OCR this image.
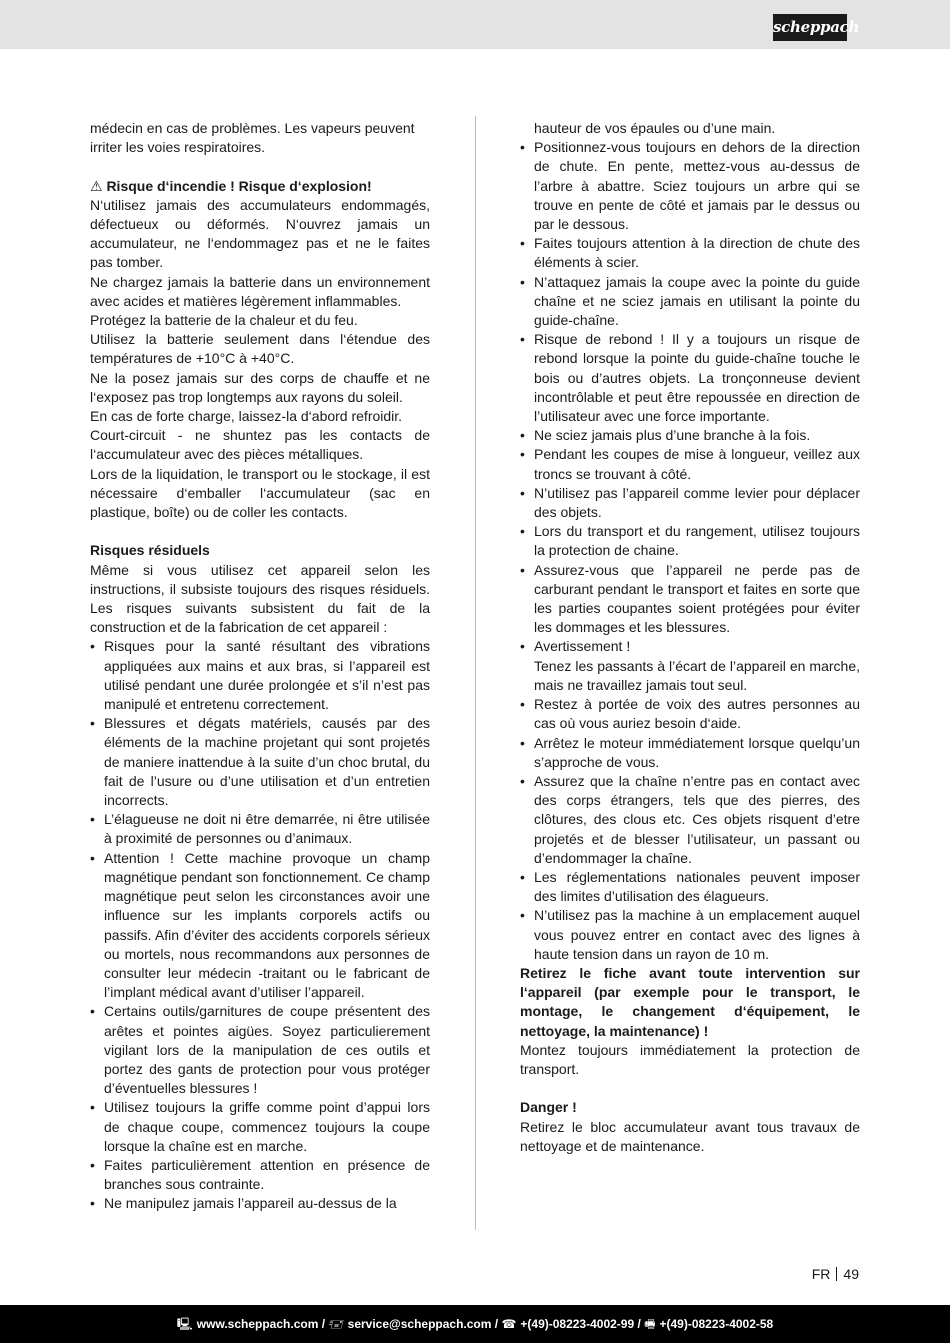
scheppach

médecin en cas de problèmes. Les vapeurs peuvent

irriter les voies respiratoires.

⚠ Risque d‘incendie ! Risque d‘explosion!

N‘utilisez jamais des accumulateurs endommagés, défectueux ou déformés. N‘ouvrez jamais un accumulateur, ne l‘endommagez pas et ne le faites pas tomber.

Ne chargez jamais la batterie dans un environnement avec acides et matières légèrement inflammables.

Protégez la batterie de la chaleur et du feu.

Utilisez la batterie seulement dans l‘étendue des températures de +10°C à +40°C.

Ne la posez jamais sur des corps de chauffe et ne l‘exposez pas trop longtemps aux rayons du soleil.

En cas de forte charge, laissez-la d‘abord refroidir.

Court-circuit - ne shuntez pas les contacts de l‘accumulateur avec des pièces métalliques.

Lors de la liquidation, le transport ou le stockage, il est nécessaire d‘emballer l‘accumulateur (sac en plastique, boîte) ou de coller les contacts.

Risques résiduels

Même si vous utilisez cet appareil selon les instructions, il subsiste toujours des risques résiduels. Les risques suivants subsistent du fait de la construction et de la fabrication de cet appareil :

• Risques pour la santé résultant des vibrations appliquées aux mains et aux bras, si l’appareil est utilisé pendant une durée prolongée et s’il n’est pas manipulé et entretenu correctement.
• Blessures et dégats matériels, causés par des éléments de la machine projetant qui sont projetés de maniere inattendue à la suite d’un choc brutal, du fait de l’usure ou d’une utilisation et d’un entretien incorrects.
• L’élagueuse ne doit ni être demarrée, ni être utilisée à proximité de personnes ou d’animaux.
• Attention ! Cette machine provoque un champ magnétique pendant son fonctionnement. Ce champ magnétique peut selon les circonstances avoir une influence sur les implants corporels actifs ou passifs. Afin d’éviter des accidents corporels sérieux ou mortels, nous recommandons aux personnes de consulter leur médecin -traitant ou le fabricant de l’implant médical avant d’utiliser l’appareil.
• Certains outils/garnitures de coupe présentent des arêtes et pointes aigües. Soyez particulierement vigilant lors de la manipulation de ces outils et portez des gants de protection pour vous protéger d’éventuelles blessures !
• Utilisez toujours la griffe comme point d’appui lors de chaque coupe, commencez toujours la coupe lorsque la chaîne est en marche.
• Faites particulièrement attention en présence de branches sous contrainte.
• Ne manipulez jamais l’appareil au-dessus de la

hauteur de vos épaules ou d’une main.

• Positionnez-vous toujours en dehors de la direction de chute. En pente, mettez-vous au-dessus de l’arbre à abattre. Sciez toujours un arbre qui se trouve en pente de côté et jamais par le dessus ou par le dessous.
• Faites toujours attention à la direction de chute des éléments à scier.
• N’attaquez jamais la coupe avec la pointe du guide chaîne et ne sciez jamais en utilisant la pointe du guide-chaîne.
• Risque de rebond ! Il y a toujours un risque de rebond lorsque la pointe du guide-chaîne touche le bois ou d’autres objets. La tronçonneuse devient incontrôlable et peut être repoussée en direction de l’utilisateur avec une force importante.
• Ne sciez jamais plus d’une branche à la fois.
• Pendant les coupes de mise à longueur, veillez aux troncs se trouvant à côté.
• N’utilisez pas l’appareil comme levier pour déplacer des objets.
• Lors du transport et du rangement, utilisez toujours la protection de chaine.
• Assurez-vous que l’appareil ne perde pas de carburant pendant le transport et faites en sorte que les parties coupantes soient protégées pour éviter les dommages et les blessures.
• Avertissement !
Tenez les passants à l’écart de l’appareil en marche, mais ne travaillez jamais tout seul.
• Restez à portée de voix des autres personnes au cas où vous auriez besoin d‘aide.
• Arrêtez le moteur immédiatement lorsque quelqu’un s’approche de vous.
• Assurez que la chaîne n’entre pas en contact avec des corps étrangers, tels que des pierres, des clôtures, des clous etc. Ces objets risquent d’etre projetés et de blesser l’utilisateur, un passant ou d’endommager la chaîne.
• Les réglementations nationales peuvent imposer des limites d’utilisation des élagueurs.
• N’utilisez pas la machine à un emplacement auquel vous pouvez entrer en contact avec des lignes à haute tension dans un rayon de 10 m.

Retirez le fiche avant toute intervention sur l‘appareil (par exemple pour le transport, le montage, le changement d‘équipement, le nettoyage, la maintenance) !

Montez toujours immédiatement la protection de transport.

Danger !

Retirez le bloc accumulateur avant tous travaux de nettoyage et de maintenance.

FR 49
🖳 www.scheppach.com / 🖅 service@scheppach.com / ☎ +(49)-08223-4002-99 / 🖷 +(49)-08223-4002-58
